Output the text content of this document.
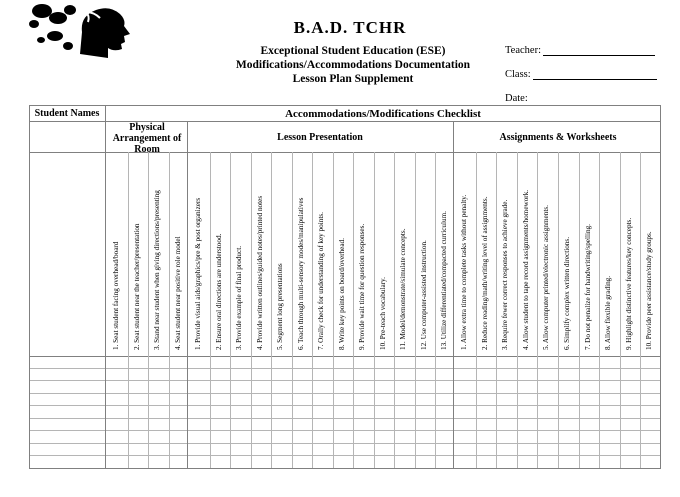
B.A.D. TCHR
Exceptional Student Education (ESE)
Modifications/Accommodations Documentation
Lesson Plan Supplement
Teacher:
Class:
Date:
Student Names	Accommodations/Modifications Checklist
Physical Arrangement of Room
Lesson Presentation	Assignments & Worksheets
1. Seat student facing overhead/board 2. Seat student near the teacher/presentation 3. Stand near student when giving directions/presenting 4. Seat student near positive role model 1. Provide visual aids/graphics/pre & post organizers 2. Ensure oral directions are understood. 3. Provide example of final product. 4. Provide written outlines/guided notes/printed notes 5. Segment long presentations 6. Teach through multi-sensory modes/manipulatives 7. Orally check for understanding of key points. 8. Write key points on board/overhead. 9. Provide wait time for question responses. 10. Pre-teach vocabulary. 11. Model/demonstrate/simulate concepts. 12. Use computer-assisted instruction. 13. Utilize differentiated/compacted curriculum. 1. Allow extra time to complete tasks without penalty. 2. Reduce reading/math/writing level of assignments. 3. Require fewer correct responses to achieve grade. 4. Allow student to tape record assignments/homework. 5. Allow computer printed/electronic assignments. 6. Simplify complex written directions. 7. Do not penalize for handwriting/spelling. 8. Allow flexible grading. 9. Highlight distinctive features/key concepts. 10. Provide peer assistance/study groups.
